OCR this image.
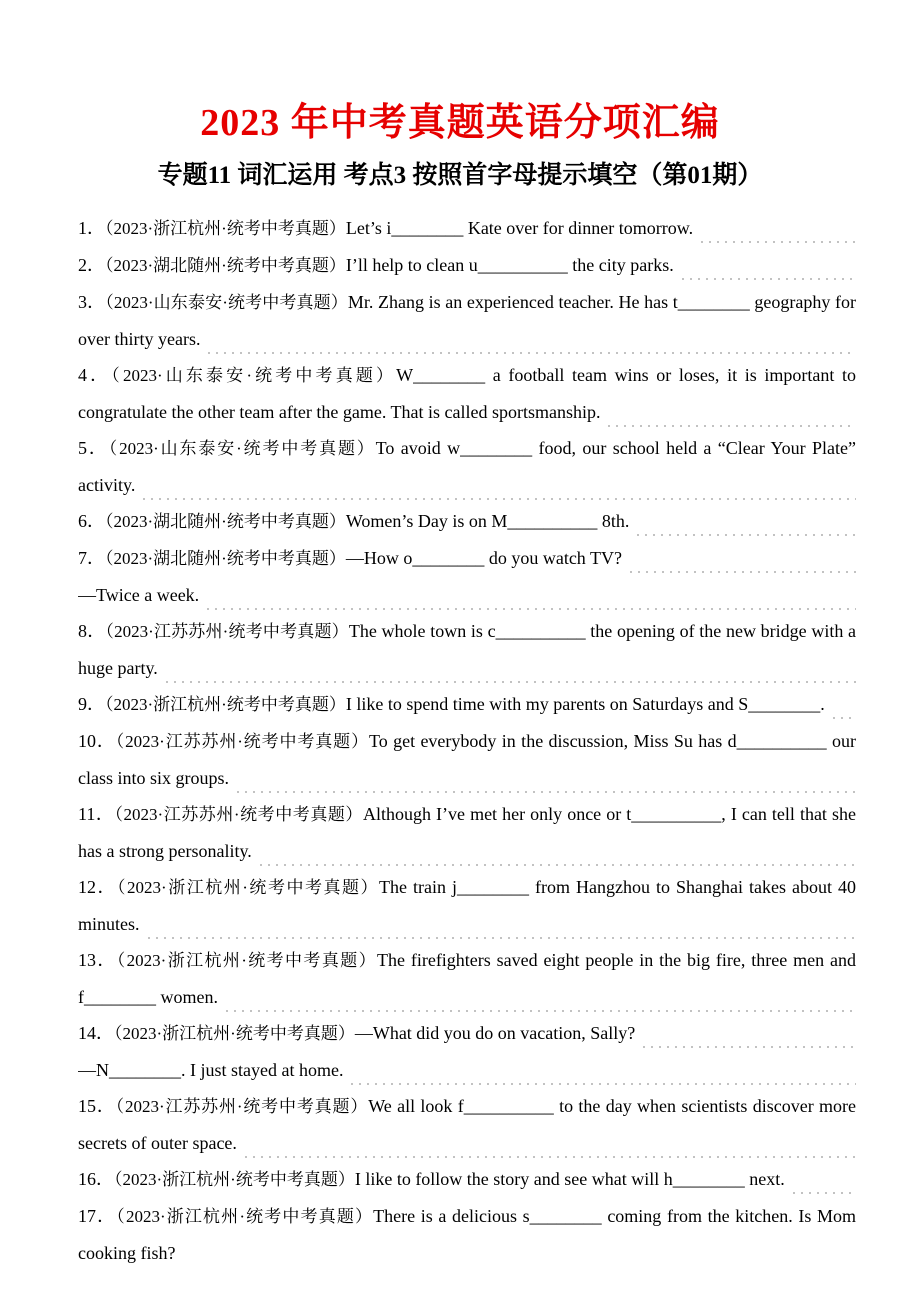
2023 年中考真题英语分项汇编
专题11 词汇运用 考点3 按照首字母提示填空（第01期）

1．（2023·浙江杭州·统考中考真题）Let’s i________ Kate over for dinner tomorrow.

2．（2023·湖北随州·统考中考真题）I’ll help to clean u__________ the city parks.

3．（2023·山东泰安·统考中考真题）Mr. Zhang is an experienced teacher. He has t________ geography for over thirty years.

4．（2023·山东泰安·统考中考真题）W________ a football team wins or loses, it is important to congratulate the other team after the game. That is called sportsmanship.

5．（2023·山东泰安·统考中考真题）To avoid w________ food, our school held a “Clear Your Plate” activity.

6．（2023·湖北随州·统考中考真题）Women’s Day is on M__________ 8th.

7．（2023·湖北随州·统考中考真题）—How o________ do you watch TV?

—Twice a week.

8．（2023·江苏苏州·统考中考真题）The whole town is c__________ the opening of the new bridge with a huge party.

9．（2023·浙江杭州·统考中考真题）I like to spend time with my parents on Saturdays and S________.

10．（2023·江苏苏州·统考中考真题）To get everybody in the discussion, Miss Su has d__________ our class into six groups.

11．（2023·江苏苏州·统考中考真题）Although I’ve met her only once or t__________, I can tell that she has a strong personality.

12．（2023·浙江杭州·统考中考真题）The train j________ from Hangzhou to Shanghai takes about 40 minutes.

13．（2023·浙江杭州·统考中考真题）The firefighters saved eight people in the big fire, three men and f________ women.

14．（2023·浙江杭州·统考中考真题）—What did you do on vacation, Sally?

—N________. I just stayed at home.

15．（2023·江苏苏州·统考中考真题）We all look f__________ to the day when scientists discover more secrets of outer space.

16．（2023·浙江杭州·统考中考真题）I like to follow the story and see what will h________ next.

17．（2023·浙江杭州·统考中考真题）There is a delicious s________ coming from the kitchen. Is Mom cooking fish?
